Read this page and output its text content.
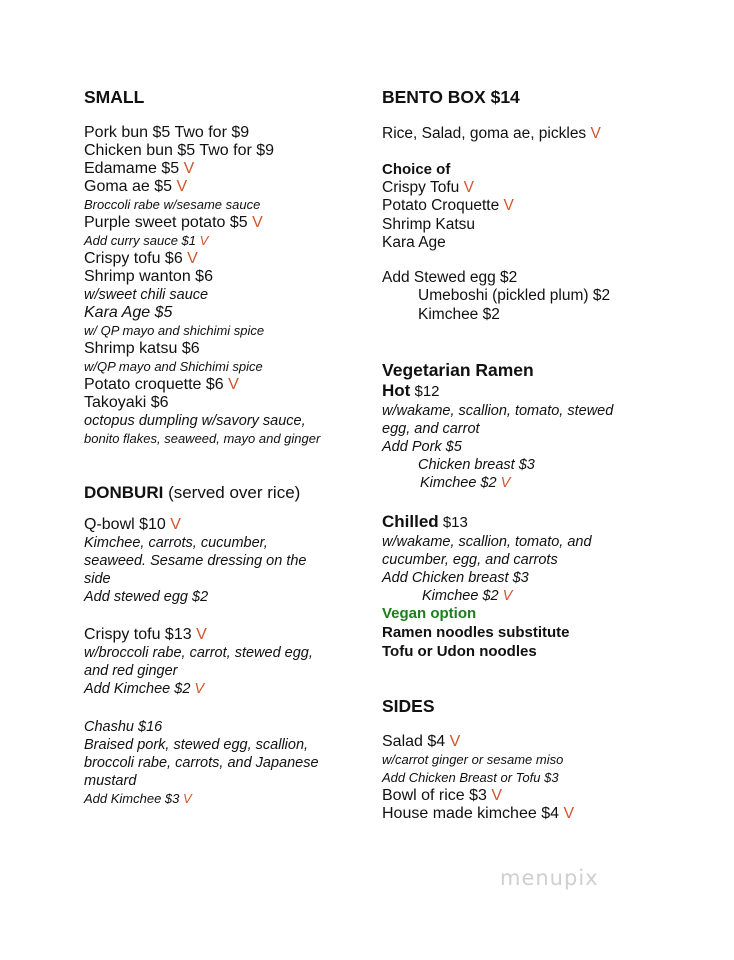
SMALL
Pork bun $5 Two for $9
Chicken bun $5 Two for $9
Edamame $5 V
Goma ae $5 V
Broccoli rabe w/sesame sauce
Purple sweet potato $5 V
Add curry sauce $1 V
Crispy tofu $6 V
Shrimp wanton $6
w/sweet chili sauce
Kara Age $5
w/ QP mayo and shichimi spice
Shrimp katsu $6
w/QP mayo and Shichimi spice
Potato croquette $6 V
Takoyaki $6
octopus dumpling w/savory sauce,
bonito flakes, seaweed, mayo and ginger
DONBURI (served over rice)
Q-bowl $10 V
Kimchee, carrots, cucumber,
seaweed. Sesame dressing on the
side
Add stewed egg $2
Crispy tofu $13 V
w/broccoli rabe, carrot, stewed egg,
and red ginger
Add Kimchee $2 V
Chashu $16
Braised pork, stewed egg, scallion,
broccoli rabe, carrots, and Japanese
mustard
Add Kimchee $3 V
BENTO BOX $14
Rice, Salad, goma ae, pickles V
Choice of
Crispy Tofu V
Potato Croquette V
Shrimp Katsu
Kara Age
Add Stewed egg $2
Umeboshi (pickled plum) $2
Kimchee $2
Vegetarian Ramen
Hot $12
w/wakame, scallion, tomato, stewed
egg, and carrot
Add Pork $5
Chicken breast $3
Kimchee $2 V
Chilled $13
w/wakame, scallion, tomato, and
cucumber, egg, and carrots
Add Chicken breast $3
Kimchee $2 V
Vegan option
Ramen noodles substitute
Tofu or Udon noodles
SIDES
Salad $4 V
w/carrot ginger or sesame miso
Add Chicken Breast or Tofu $3
Bowl of rice $3 V
House made kimchee $4 V
menupix
